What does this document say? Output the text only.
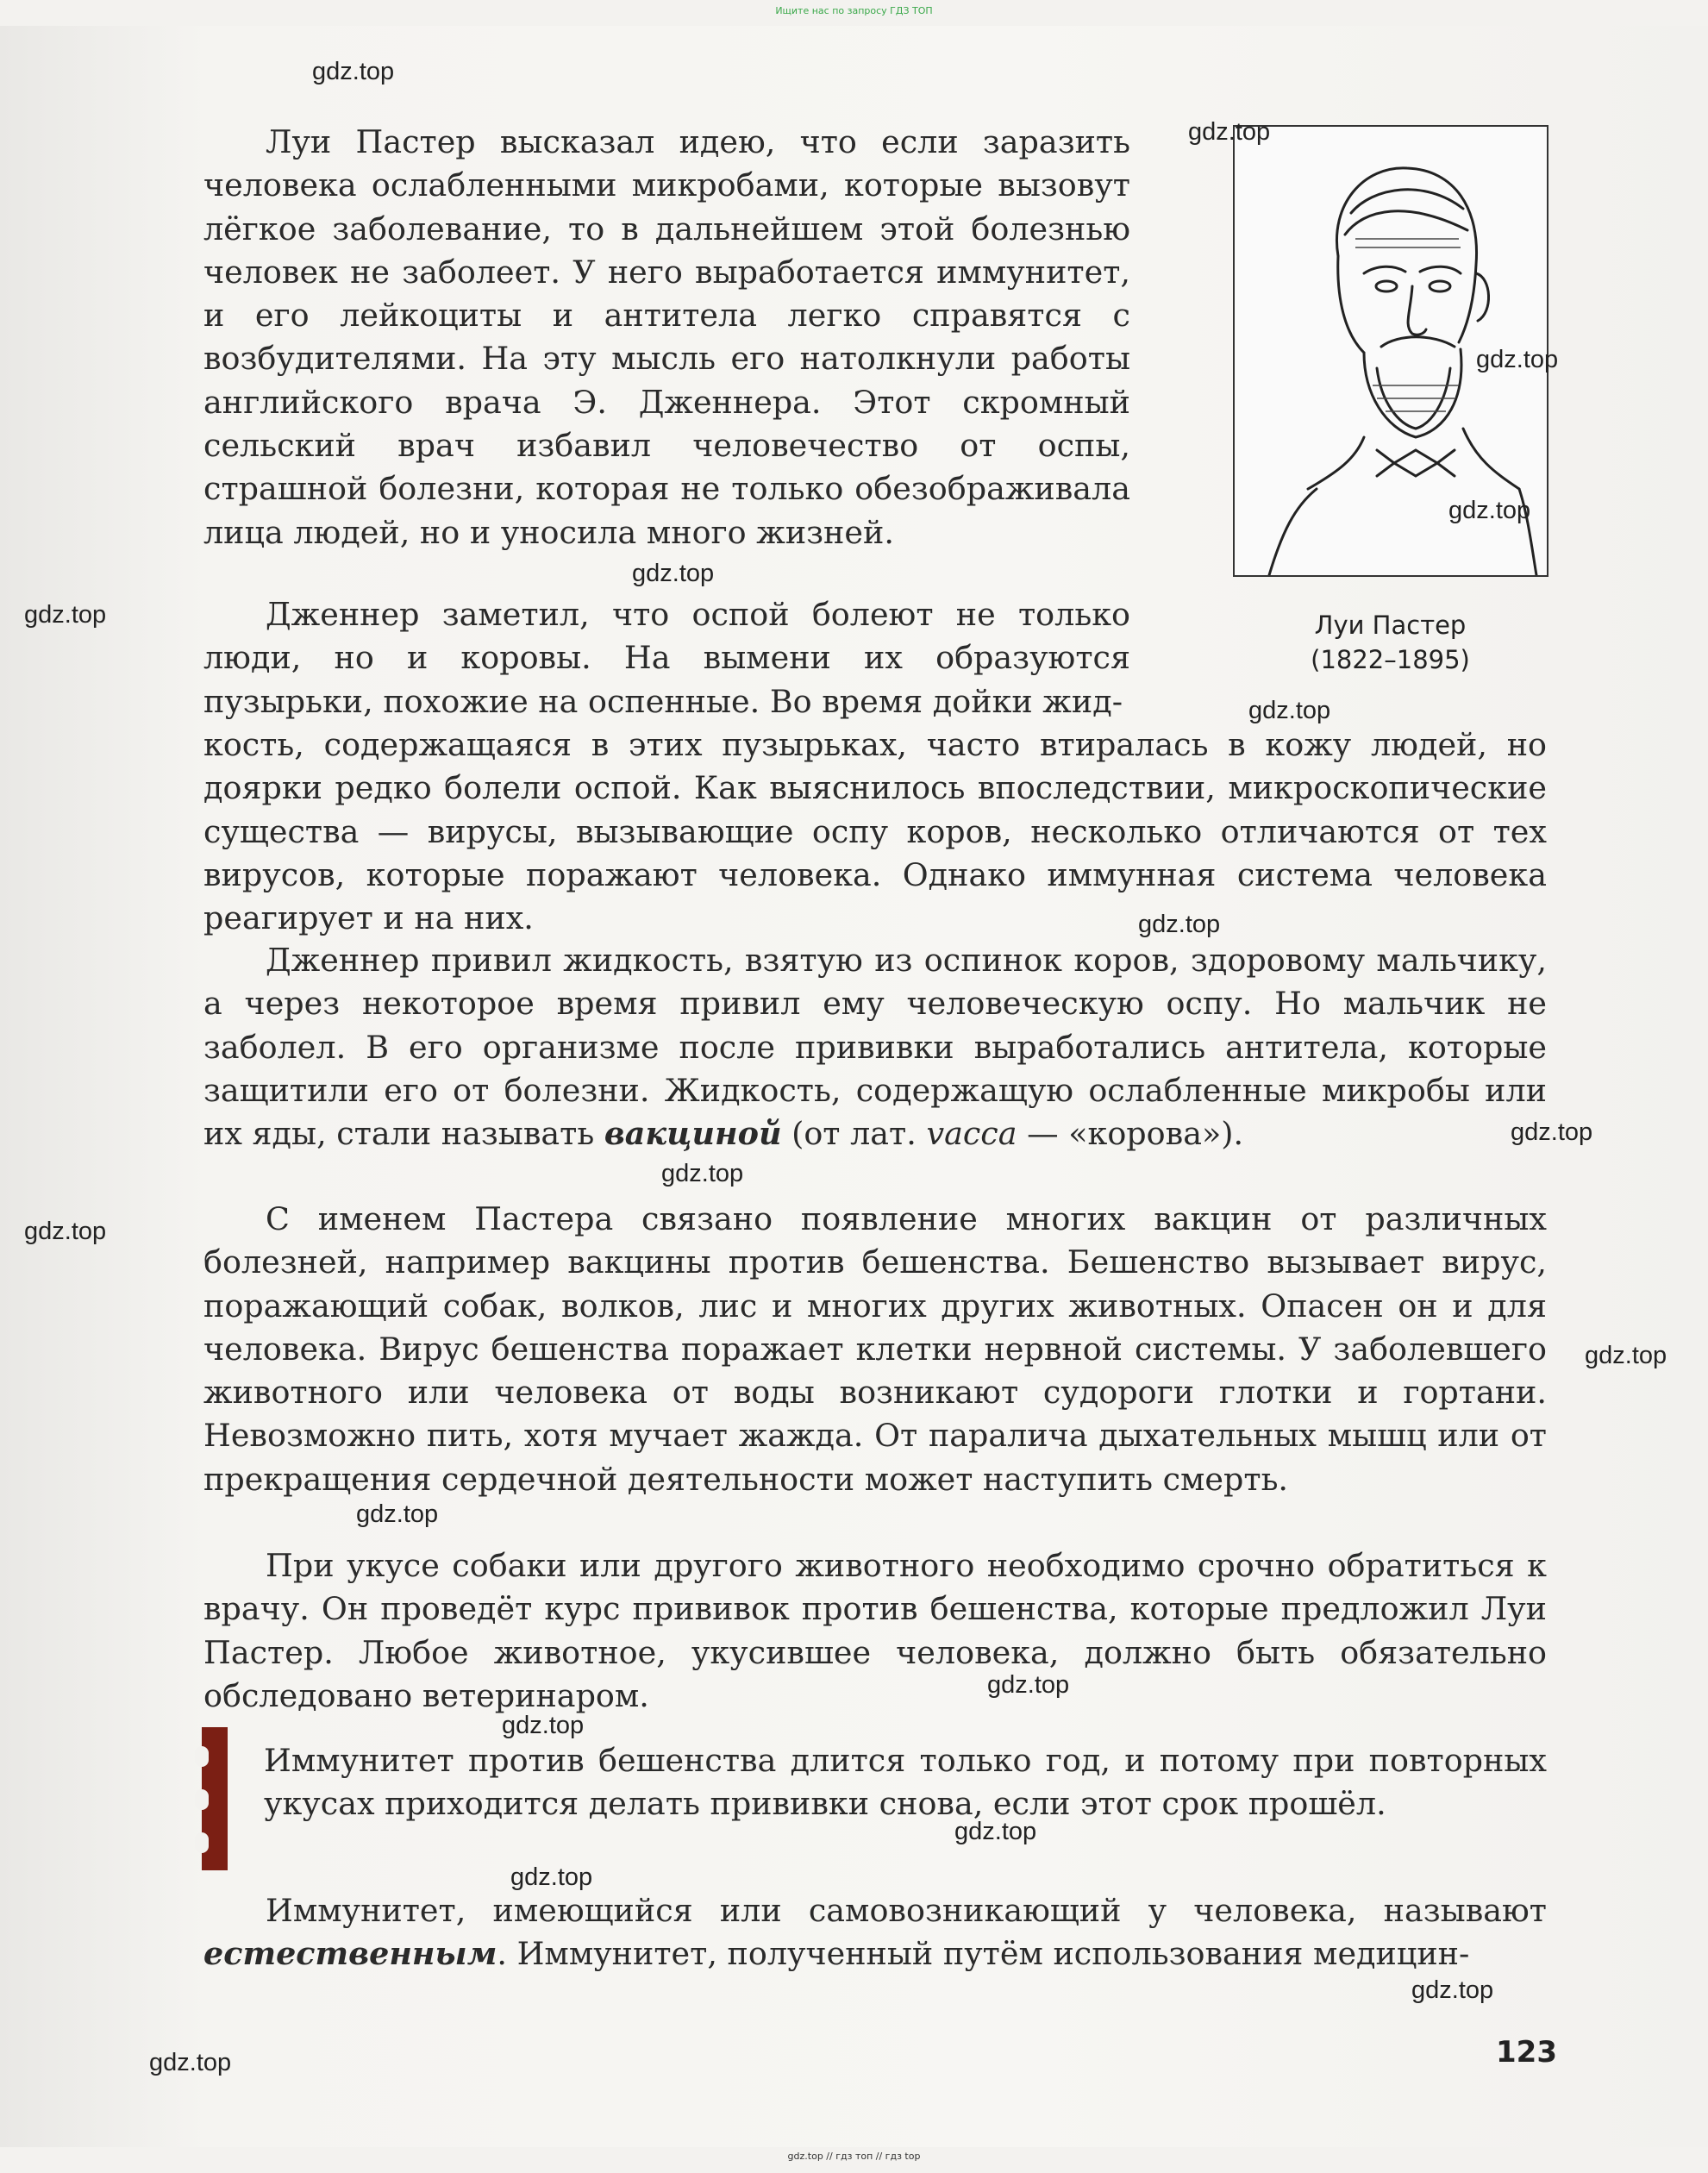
Ищите нас по запросу ГДЗ ТОП
Луи Пастер
(1822–1895)

Луи Пастер высказал идею, что если заразить человека ослабленными микробами, которые вызовут лёгкое заболевание, то в дальнейшем этой болезнью человек не заболеет. У него выработается иммунитет, и его лейкоциты и антитела легко справятся с возбудителями. На эту мысль его натолкнули работы английского врача Э. Дженнера. Этот скромный сельский врач избавил человечество от оспы, страшной болезни, которая не только обезображивала лица людей, но и уносила много жизней.

Дженнер заметил, что оспой болеют не только люди, но и коровы. На вымени их образуются пузырьки, похожие на оспенные. Во время дойки жид-

кость, содержащаяся в этих пузырьках, часто втиралась в кожу людей, но доярки редко болели оспой. Как выяснилось впоследствии, микроскопические существа — вирусы, вызывающие оспу коров, несколько отличаются от тех вирусов, которые поражают человека. Однако иммунная система человека реагирует и на них.

Дженнер привил жидкость, взятую из оспинок коров, здоровому мальчику, а через некоторое время привил ему человеческую оспу. Но мальчик не заболел. В его организме после прививки выработались антитела, которые защитили его от болезни. Жидкость, содержащую ослабленные микробы или их яды, стали называть вакциной (от лат. vacca — «корова»).

С именем Пастера связано появление многих вакцин от различных болезней, например вакцины против бешенства. Бешенство вызывает вирус, поражающий собак, волков, лис и многих других животных. Опасен он и для человека. Вирус бешенства поражает клетки нервной системы. У заболевшего животного или человека от воды возникают судороги глотки и гортани. Невозможно пить, хотя мучает жажда. От паралича дыхательных мышц или от прекращения сердечной деятельности может наступить смерть.

При укусе собаки или другого животного необходимо срочно обратиться к врачу. Он проведёт курс прививок против бешенства, которые предложил Луи Пастер. Любое животное, укусившее человека, должно быть обязательно обследовано ветеринаром.

Иммунитет против бешенства длится только год, и потому при повторных укусах приходится делать прививки снова, если этот срок прошёл.

Иммунитет, имеющийся или самовозникающий у человека, называют естественным. Иммунитет, полученный путём использования медицин-

123
gdz.top
gdz.top
gdz.top
gdz.top
gdz.top
gdz.top
gdz.top
gdz.top
gdz.top
gdz.top
gdz.top
gdz.top
gdz.top
gdz.top
gdz.top
gdz.top
gdz.top
gdz.top
gdz.top
gdz.top // гдз топ // гдз top
